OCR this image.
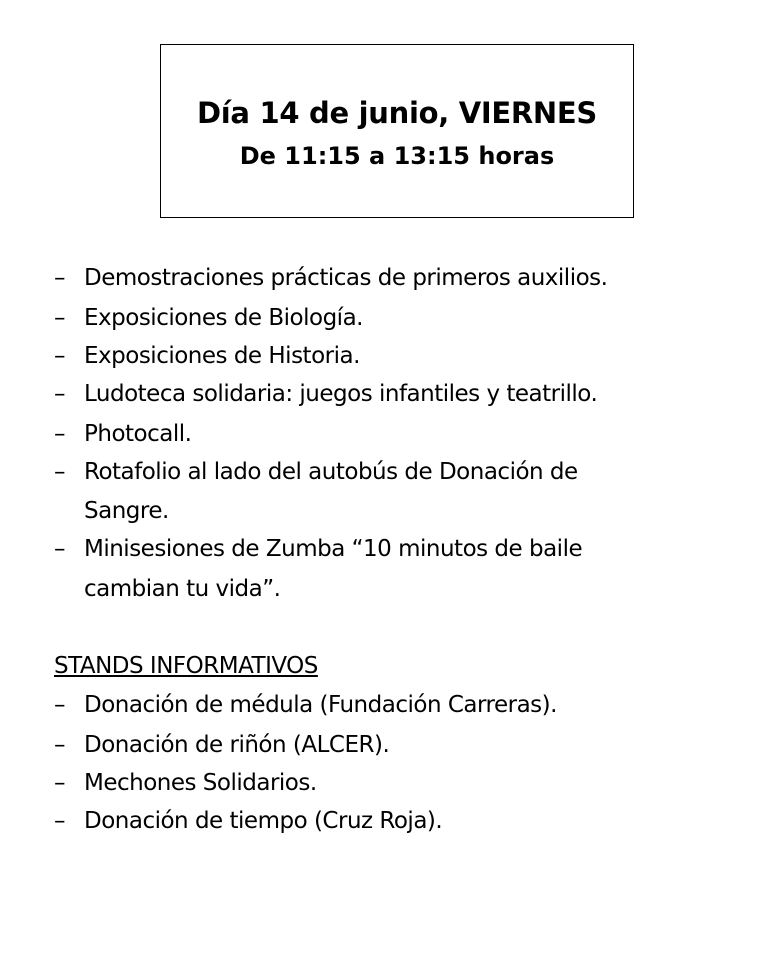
Día 14 de junio, VIERNES
De 11:15 a 13:15 horas
– Demostraciones prácticas de primeros auxilios.
– Exposiciones de Biología.
– Exposiciones de Historia.
– Ludoteca solidaria: juegos infantiles y teatrillo.
– Photocall.
– Rotafolio al lado del autobús de Donación de
Sangre.
– Minisesiones de Zumba “10 minutos de baile
cambian tu vida”.
STANDS INFORMATIVOS
– Donación de médula (Fundación Carreras).
– Donación de riñón (ALCER).
– Mechones Solidarios.
– Donación de tiempo (Cruz Roja).
